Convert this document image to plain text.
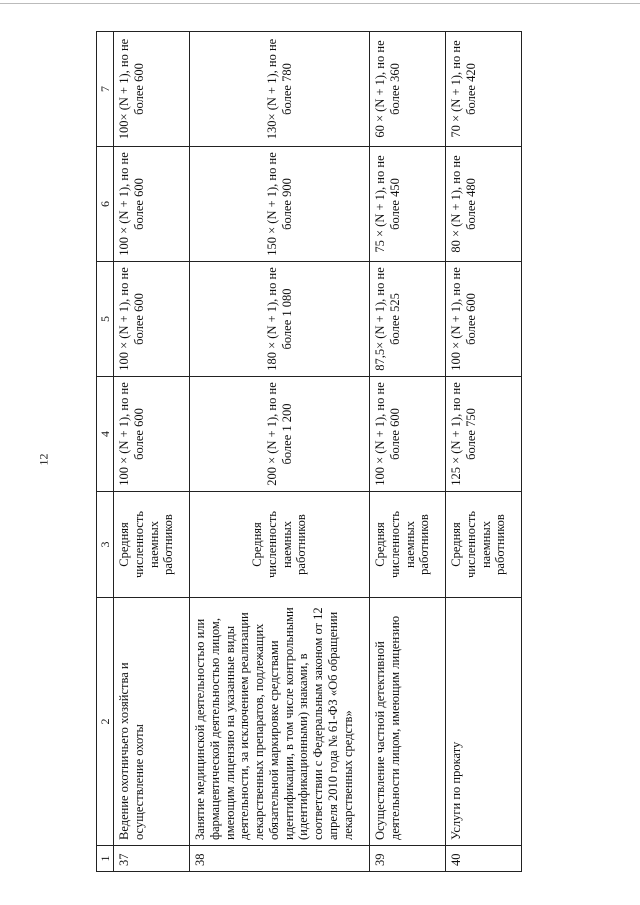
12
1	2	3	4	5	6	7
37	Ведение охотничьего хозяйства и осуществление охоты	Средняя численность наемных работников	100 × (N + 1), но не более 600	100 × (N + 1), но не более 600	100 × (N + 1), но не более 600	100× (N + 1), но не более 600
38	Занятие медицинской деятельностью или фармацевтической деятельностью лицом, имеющим лицензию на указанные виды деятельности, за исключением реализации лекарственных препаратов, подлежащих обязательной маркировке средствами идентификации, в том числе контрольными (идентификационными) знаками, в соответствии с Федеральным законом от 12 апреля 2010 года № 61-ФЗ «Об обращении лекарственных средств»	Средняя численность наемных работников	200 × (N + 1), но не более 1 200	180 × (N + 1), но не более 1 080	150 × (N + 1), но не более 900	130× (N + 1), но не более 780
39	Осуществление частной детективной деятельности лицом, имеющим лицензию	Средняя численность наемных работников	100 × (N + 1), но не более 600	87,5× (N + 1), но не более 525	75 × (N + 1), но не более 450	60 × (N + 1), но не более 360
40	Услуги по прокату	Средняя численность наемных работников	125 × (N + 1), но не более 750	100 × (N + 1), но не более 600	80 × (N + 1), но не более 480	70 × (N + 1), но не более 420
